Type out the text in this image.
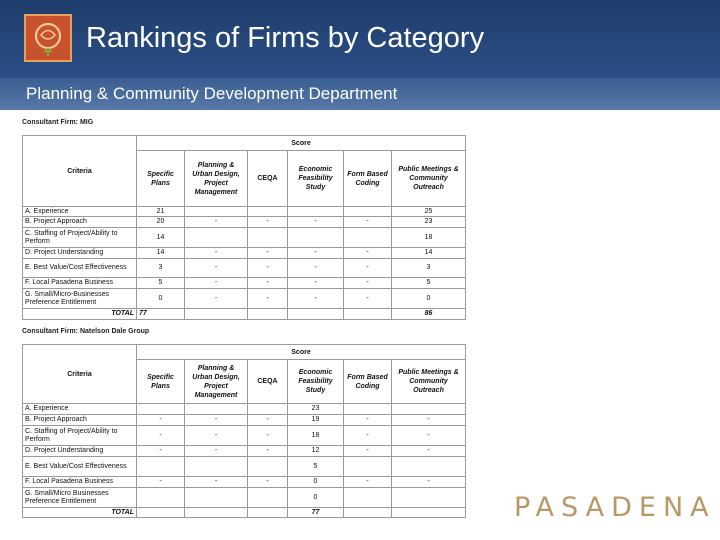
Rankings of Firms by Category
Planning & Community Development Department
Consultant Firm: MIG
Criteria	Score					
	Specific Plans	Planning & Urban Design, Project Management	CEQA	Economic Feasibility Study	Form Based Coding	Public Meetings & Community Outreach
A. Experience	21					25
B. Project Approach	20	-	-	-	-	23
C. Staffing of Project/Ability to Perform	14					18
D. Project Understanding	14	-	-	-	-	14
E. Best Value/Cost Effectiveness	3	-	-	-	-	3
F. Local Pasadena Business	5	-	-	-	-	5
G. Small/Micro-Businesses Preference Entitlement	0	-	-	-	-	0
TOTAL	77					86
Consultant Firm: Natelson Dale Group
Criteria	Score					
	Specific Plans	Planning & Urban Design, Project Management	CEQA	Economic Feasibility Study	Form Based Coding	Public Meetings & Community Outreach
A. Experience				23		
B. Project Approach	-	-	-	19	-	-
C. Staffing of Project/Ability to Perform	-	-	-	18	-	-
D. Project Understanding	-	-	-	12	-	-
E. Best Value/Cost Effectiveness				5		
F. Local Pasadena Business	-	-	-	0	-	-
G. Small/Micro Businesses Preference Entitlement				0		
TOTAL				77			PASADENA
